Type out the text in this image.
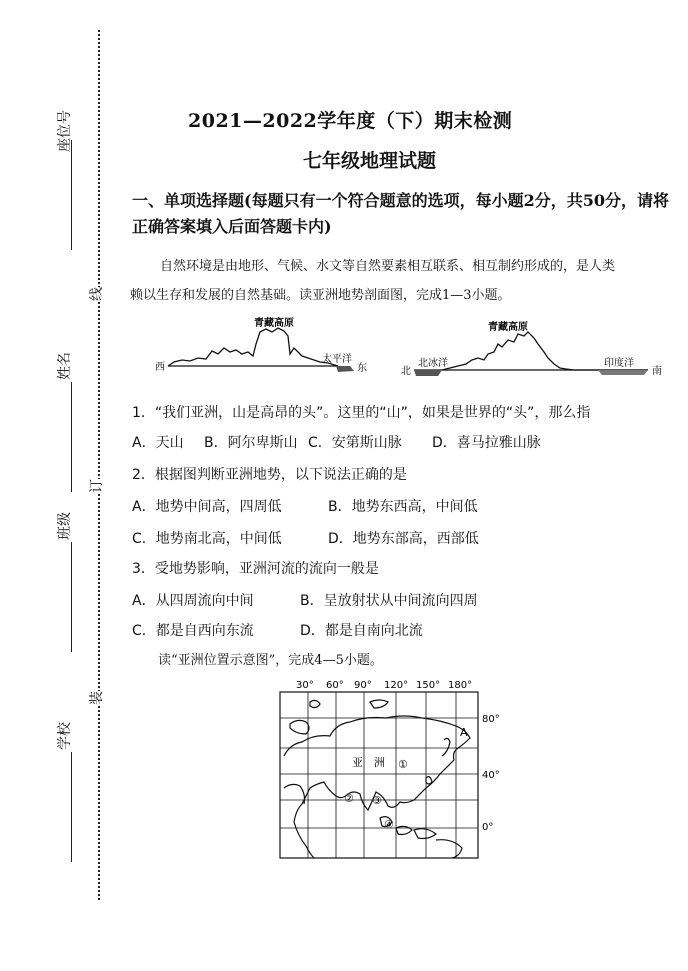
线
订
装
座位号
姓名
班级
学校
2021—2022学年度（下）期末检测
七年级地理试题
一、单项选择题(每题只有一个符合题意的选项，每小题2分，共50分，请将正确答案填入后面答题卡内)

自然环境是由地形、气候、水文等自然要素相互联系、相互制约形成的，是人类

赖以生存和发展的自然基础。读亚洲地势剖面图，完成1—3小题。

青藏高原
西	东
太平洋
青藏高原
北	南
北冰洋	印度洋
1．“我们亚洲，山是高昂的头”。这里的“山”，如果是世界的“头”，那么指
A．天山 B．阿尔卑斯山 C．安第斯山脉 D．喜马拉雅山脉
2．根据图判断亚洲地势，以下说法正确的是
A．地势中间高，四周低	B．地势东西高，中间低
C．地势南北高，中间低	D．地势东部高，西部低
3．受地势影响，亚洲河流的流向一般是
A．从四周流向中间	B．呈放射状从中间流向四周
C．都是自西向东流	D．都是自南向北流
读“亚洲位置示意图”，完成4—5小题。
30° 60° 90° 120° 150° 180°
80°
40°
0°
亚　洲
A
①
② ③
④
